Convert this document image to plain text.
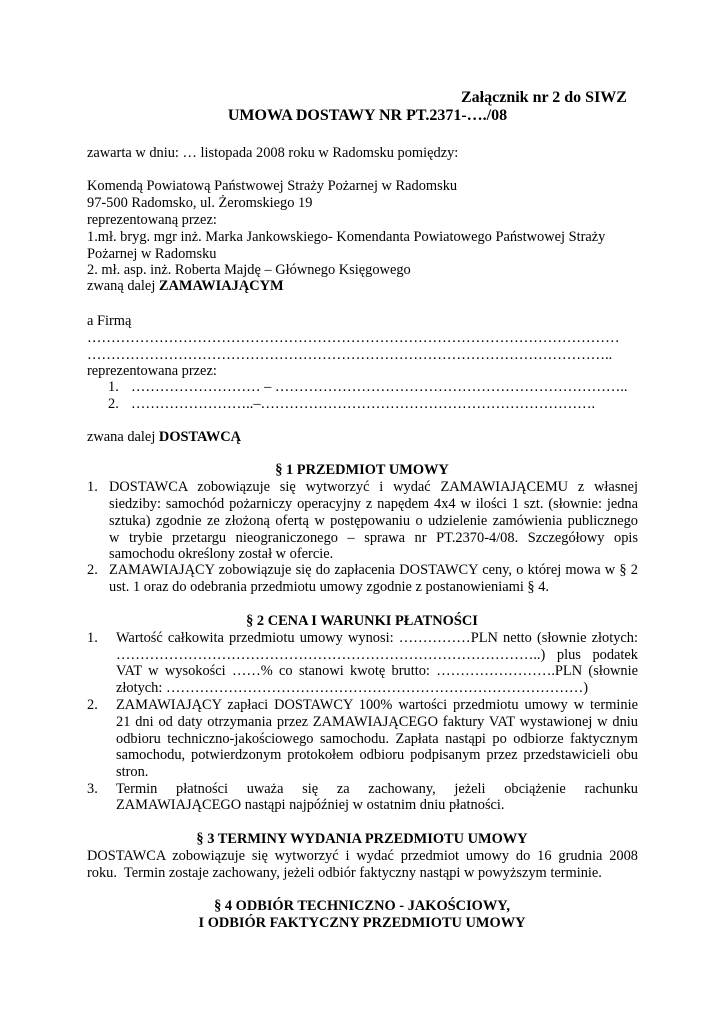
Załącznik nr 2 do SIWZ
UMOWA DOSTAWY NR PT.2371-…./08
zawarta w dniu: … listopada 2008 roku w Radomsku pomiędzy:
Komendą Powiatową Państwowej Straży Pożarnej w Radomsku
97-500 Radomsko, ul. Żeromskiego 19
reprezentowaną przez:
1.mł. bryg. mgr inż. Marka Jankowskiego- Komendanta Powiatowego Państwowej Straży
Pożarnej w Radomsku
2. mł. asp. inż. Roberta Majdę – Głównego Księgowego
zwaną dalej ZAMAWIAJĄCYM
a Firmą
…………………………………………………………………………………………………
………………………………………………………………………………………………..
reprezentowana przez:
1. ……………………… – ………………………………………………………………..
2. ……………………..–…………………………………………………………….
zwana dalej DOSTAWCĄ
§ 1 PRZEDMIOT UMOWY
1. DOSTAWCA zobowiązuje się wytworzyć i wydać ZAMAWIAJĄCEMU z własnej
siedziby: samochód pożarniczy operacyjny z napędem 4x4 w ilości 1 szt. (słownie: jedna
sztuka) zgodnie ze złożoną ofertą w postępowaniu o udzielenie zamówienia publicznego
w trybie przetargu nieograniczonego – sprawa nr PT.2370-4/08. Szczegółowy opis
samochodu określony został w ofercie.
2. ZAMAWIAJĄCY zobowiązuje się do zapłacenia DOSTAWCY ceny, o której mowa w § 2
ust. 1 oraz do odebrania przedmiotu umowy zgodnie z postanowieniami § 4.
§ 2 CENA I WARUNKI PŁATNOŚCI
1. Wartość całkowita przedmiotu umowy wynosi: ……………PLN netto (słownie złotych:
……………………………………………………………………………..) plus podatek
VAT w wysokości ……% co stanowi kwotę brutto: …………………….PLN (słownie
złotych: ……………………………………………………………………………)
2. ZAMAWIAJĄCY zapłaci DOSTAWCY 100% wartości przedmiotu umowy w terminie
21 dni od daty otrzymania przez ZAMAWIAJĄCEGO faktury VAT wystawionej w dniu
odbioru techniczno-jakościowego samochodu. Zapłata nastąpi po odbiorze faktycznym
samochodu, potwierdzonym protokołem odbioru podpisanym przez przedstawicieli obu
stron.
3. Termin płatności uważa się za zachowany, jeżeli obciążenie rachunku
ZAMAWIAJĄCEGO nastąpi najpóźniej w ostatnim dniu płatności.
§ 3 TERMINY WYDANIA PRZEDMIOTU UMOWY
DOSTAWCA zobowiązuje się wytworzyć i wydać przedmiot umowy do 16 grudnia 2008
roku.  Termin zostaje zachowany, jeżeli odbiór faktyczny nastąpi w powyższym terminie.
§ 4 ODBIÓR TECHNICZNO - JAKOŚCIOWY,
I ODBIÓR FAKTYCZNY PRZEDMIOTU UMOWY
